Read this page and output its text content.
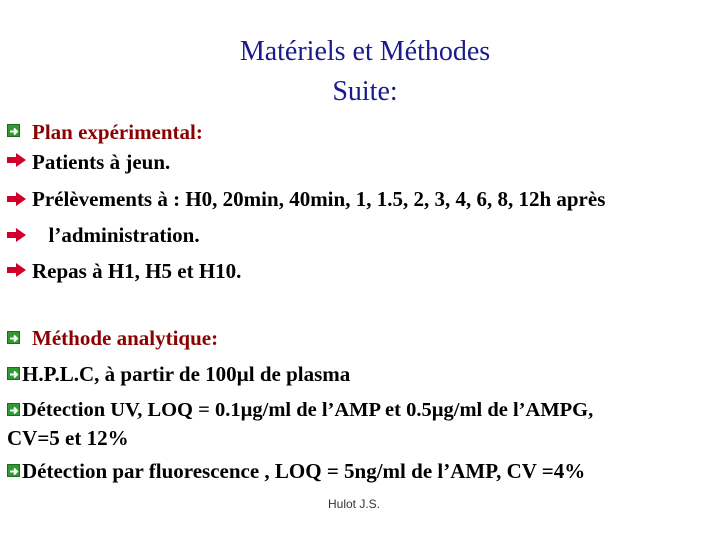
Matériels et Méthodes
Suite:
Plan expérimental:
Patients à jeun.
Prélèvements à : H0, 20min, 40min, 1, 1.5, 2, 3, 4, 6, 8, 12h après
l’administration.
Repas à H1, H5 et H10.
Méthode analytique:
H.P.L.C, à partir de 100µl de plasma
Détection UV, LOQ = 0.1µg/ml de l’AMP et 0.5µg/ml de l’AMPG,
CV=5 et 12%
Détection par fluorescence , LOQ = 5ng/ml de l’AMP, CV =4%
Hulot J.S.
